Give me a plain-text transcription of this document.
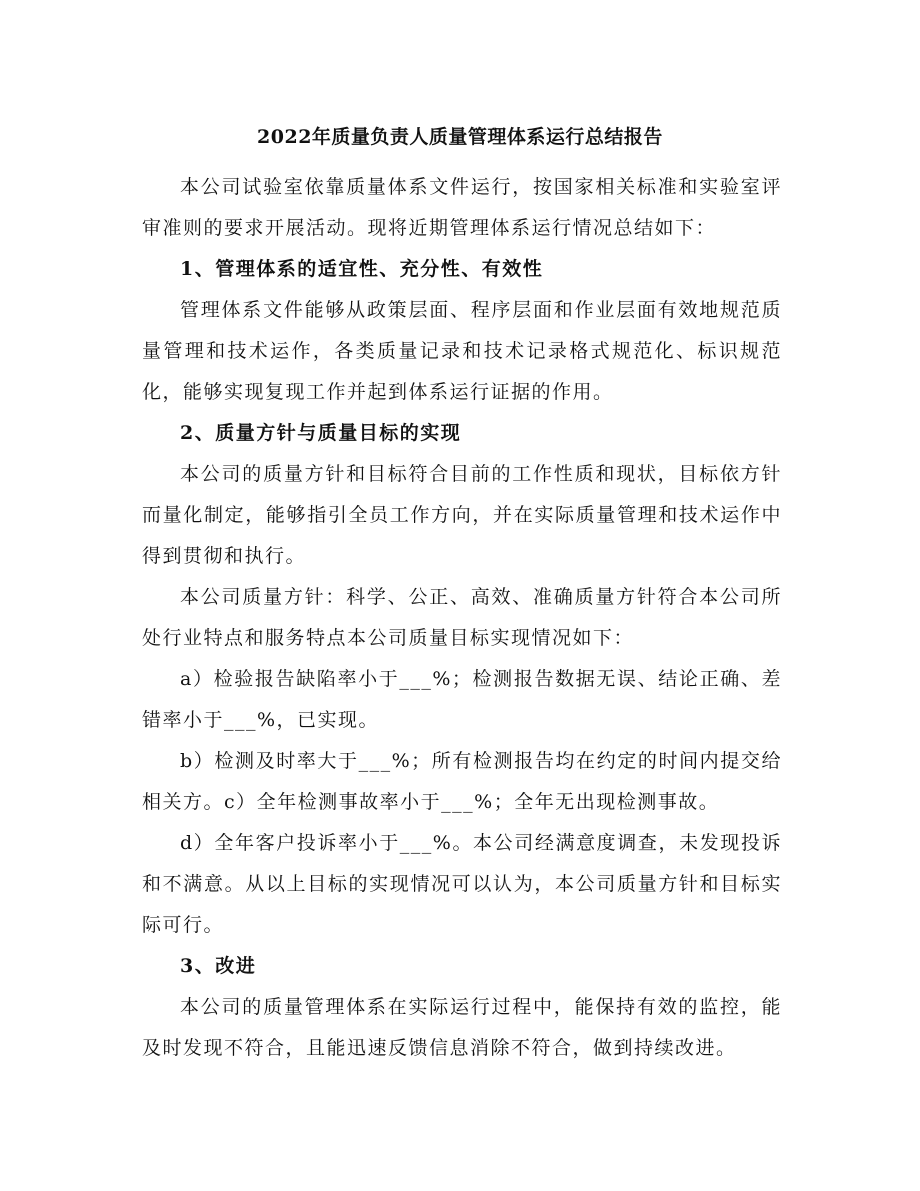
2022年质量负责人质量管理体系运行总结报告
本公司试验室依靠质量体系文件运行，按国家相关标准和实验室评审准则的要求开展活动。现将近期管理体系运行情况总结如下：
1、管理体系的适宜性、充分性、有效性
管理体系文件能够从政策层面、程序层面和作业层面有效地规范质量管理和技术运作，各类质量记录和技术记录格式规范化、标识规范化，能够实现复现工作并起到体系运行证据的作用。
2、质量方针与质量目标的实现
本公司的质量方针和目标符合目前的工作性质和现状，目标依方针而量化制定，能够指引全员工作方向，并在实际质量管理和技术运作中得到贯彻和执行。
本公司质量方针：科学、公正、高效、准确质量方针符合本公司所处行业特点和服务特点本公司质量目标实现情况如下：
a）检验报告缺陷率小于___%；检测报告数据无误、结论正确、差错率小于___%，已实现。
b）检测及时率大于___%；所有检测报告均在约定的时间内提交给相关方。c）全年检测事故率小于___%；全年无出现检测事故。
d）全年客户投诉率小于___%。本公司经满意度调查，未发现投诉和不满意。从以上目标的实现情况可以认为，本公司质量方针和目标实际可行。
3、改进
本公司的质量管理体系在实际运行过程中，能保持有效的监控，能及时发现不符合，且能迅速反馈信息消除不符合，做到持续改进。
